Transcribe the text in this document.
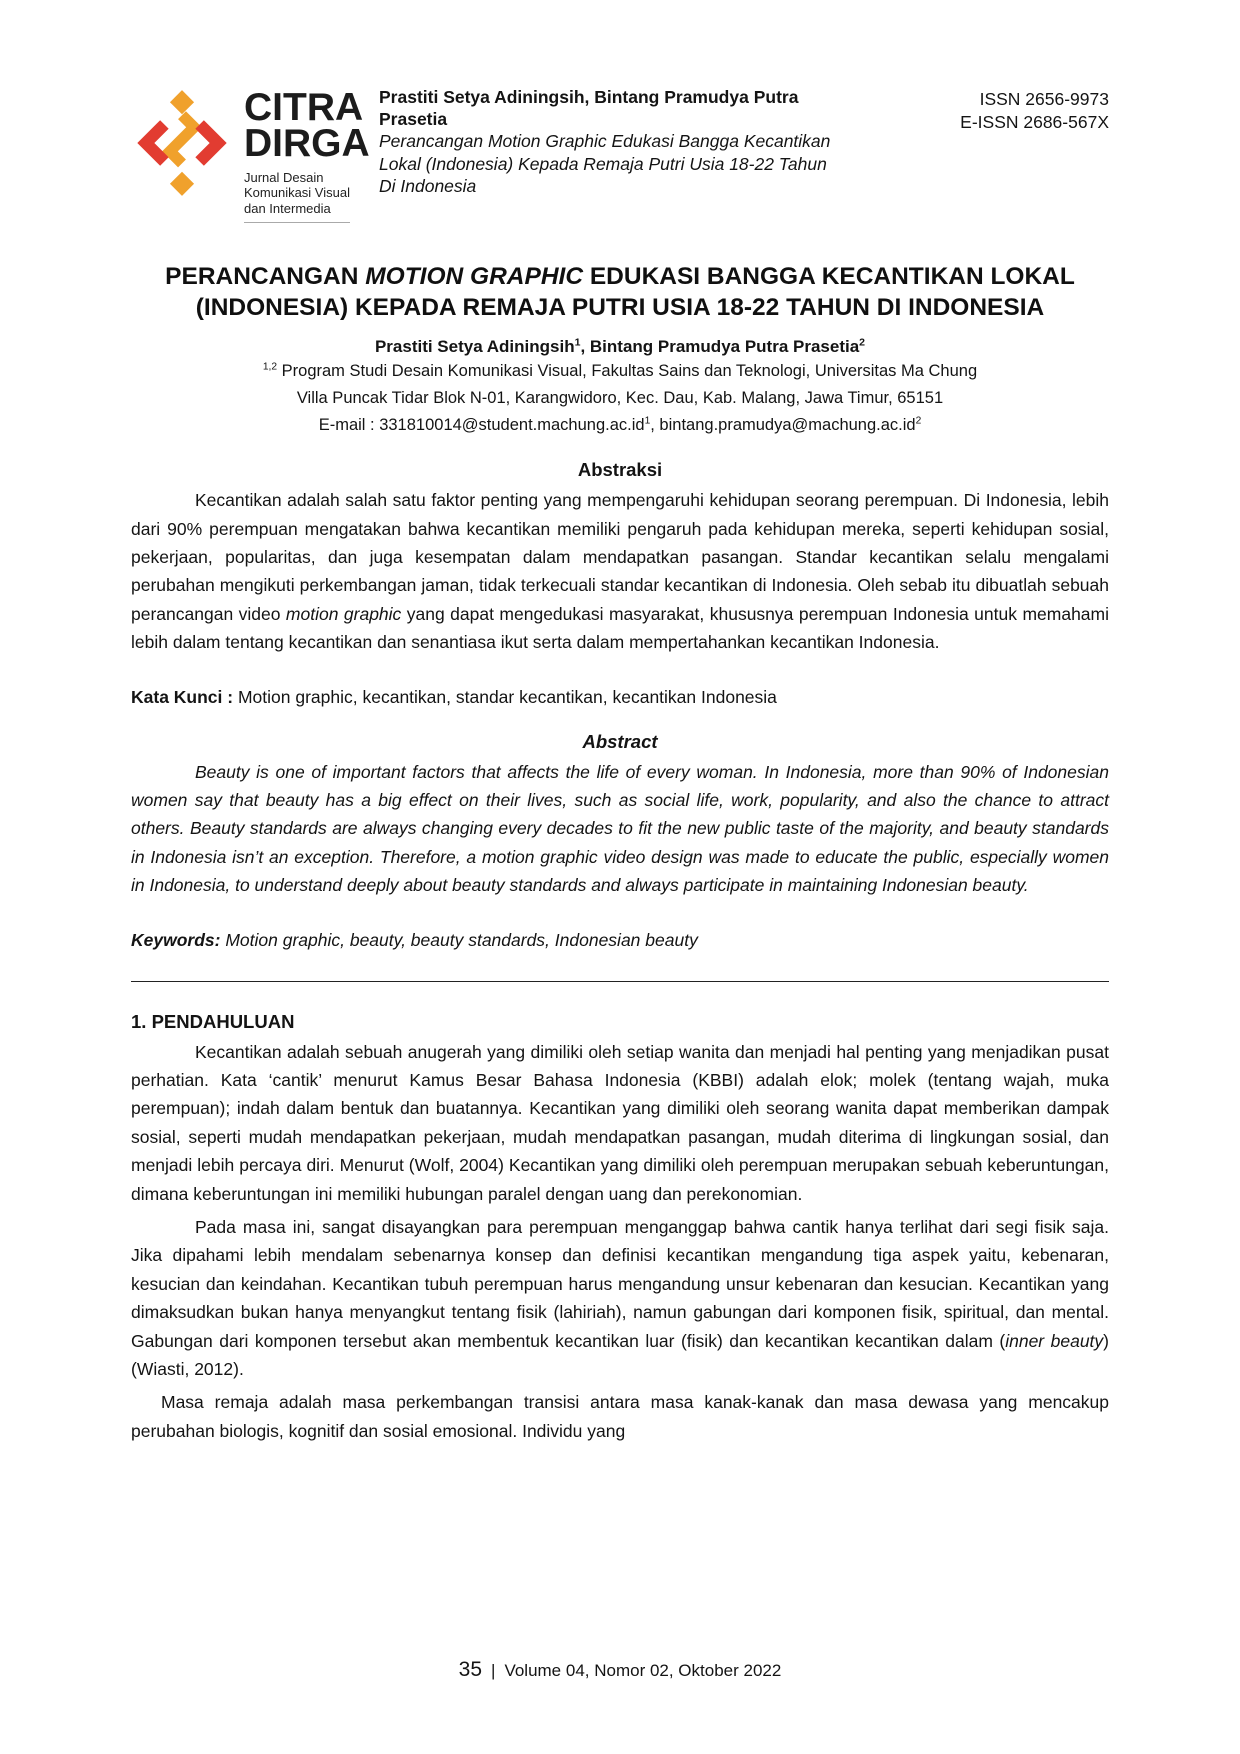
CITRA
DIRGA
Jurnal Desain
Komunikasi Visual
dan Intermedia
Prastiti Setya Adiningsih, Bintang Pramudya Putra Prasetia
Perancangan Motion Graphic Edukasi Bangga Kecantikan Lokal (Indonesia) Kepada Remaja Putri Usia 18-22 Tahun Di Indonesia
ISSN 2656-9973
E-ISSN 2686-567X
PERANCANGAN MOTION GRAPHIC EDUKASI BANGGA KECANTIKAN LOKAL (INDONESIA) KEPADA REMAJA PUTRI USIA 18-22 TAHUN DI INDONESIA

Prastiti Setya Adiningsih$^1$, Bintang Pramudya Putra Prasetia$^2$

$^{1,2}$ Program Studi Desain Komunikasi Visual, Fakultas Sains dan Teknologi, Universitas Ma Chung

Villa Puncak Tidar Blok N-01, Karangwidoro, Kec. Dau, Kab. Malang, Jawa Timur, 65151

E-mail : $331810014@student.machung.ac.id^1$, $bintang.pramudya@machung.ac.id^2$

Abstraksi

Kecantikan adalah salah satu faktor penting yang mempengaruhi kehidupan seorang perempuan. Di Indonesia, lebih dari 90% perempuan mengatakan bahwa kecantikan memiliki pengaruh pada kehidupan mereka, seperti kehidupan sosial, pekerjaan, popularitas, dan juga kesempatan dalam mendapatkan pasangan. Standar kecantikan selalu mengalami perubahan mengikuti perkembangan jaman, tidak terkecuali standar kecantikan di Indonesia. Oleh sebab itu dibuatlah sebuah perancangan video motion graphic yang dapat mengedukasi masyarakat, khususnya perempuan Indonesia untuk memahami lebih dalam tentang kecantikan dan senantiasa ikut serta dalam mempertahankan kecantikan Indonesia.

Kata Kunci : Motion graphic, kecantikan, standar kecantikan, kecantikan Indonesia

Abstract

Beauty is one of important factors that affects the life of every woman. In Indonesia, more than 90% of Indonesian women say that beauty has a big effect on their lives, such as social life, work, popularity, and also the chance to attract others. Beauty standards are always changing every decades to fit the new public taste of the majority, and beauty standards in Indonesia isn’t an exception. Therefore, a motion graphic video design was made to educate the public, especially women in Indonesia, to understand deeply about beauty standards and always participate in maintaining Indonesian beauty.

Keywords: Motion graphic, beauty, beauty standards, Indonesian beauty

1. PENDAHULUAN

Kecantikan adalah sebuah anugerah yang dimiliki oleh setiap wanita dan menjadi hal penting yang menjadikan pusat perhatian. Kata ‘cantik’ menurut Kamus Besar Bahasa Indonesia (KBBI) adalah elok; molek (tentang wajah, muka perempuan); indah dalam bentuk dan buatannya. Kecantikan yang dimiliki oleh seorang wanita dapat memberikan dampak sosial, seperti mudah mendapatkan pekerjaan, mudah mendapatkan pasangan, mudah diterima di lingkungan sosial, dan menjadi lebih percaya diri. Menurut (Wolf, 2004) Kecantikan yang dimiliki oleh perempuan merupakan sebuah keberuntungan, dimana keberuntungan ini memiliki hubungan paralel dengan uang dan perekonomian.

Pada masa ini, sangat disayangkan para perempuan menganggap bahwa cantik hanya terlihat dari segi fisik saja. Jika dipahami lebih mendalam sebenarnya konsep dan definisi kecantikan mengandung tiga aspek yaitu, kebenaran, kesucian dan keindahan. Kecantikan tubuh perempuan harus mengandung unsur kebenaran dan kesucian. Kecantikan yang dimaksudkan bukan hanya menyangkut tentang fisik (lahiriah), namun gabungan dari komponen fisik, spiritual, dan mental. Gabungan dari komponen tersebut akan membentuk kecantikan luar (fisik) dan kecantikan kecantikan dalam (inner beauty) (Wiasti, 2012).

Masa remaja adalah masa perkembangan transisi antara masa kanak-kanak dan masa dewasa yang mencakup perubahan biologis, kognitif dan sosial emosional. Individu yang

35 | Volume 04, Nomor 02, Oktober 2022
